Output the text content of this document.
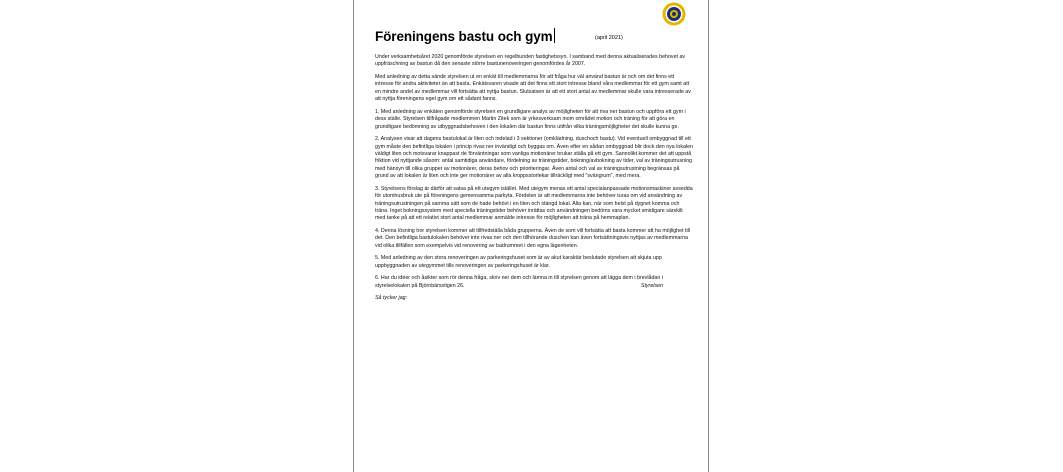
Föreningens bastu och gym	(april 2021)

Under verksamhetsåret 2020 genomförde styrelsen en regelbunden fastighetssyn. I samband med denna aktualiserades behovet av uppfräschning av bastun då den senaste större bastunenoveringen genomfördes år 2007.

Med anledning av detta sände styrelsen ut en enkät till medlemmarna för att fråga hur väl använd bastun är och om det finns ett intresse för andra aktiviteter än att basta. Enkätsvaren visade att det finns ett stort intresse bland våra medlemmar för ett gym samt att en mindre andel av medlemmar vill fortsätta att nyttja bastun. Slutsatsen är att ett stort antal av medlemmar skulle vara intresserade av att nyttja föreningens eget gym om ett sådant fanns.

1. Med anledning av enkäten genomförde styrelsen en grundligare analys av möjligheten för att riva ner bastun och uppföra ett gym i dess ställe. Styrelsen tillfrågade medlemmen Martin Zitek som är yrkesverksam inom området motion och träning för att göra en grundligare bedömning av utbyggnadsbehoven i den lokalen där bastun finns utifrån vilka träningsmöjligheter det skulle kunna ge.

2. Analysen visar att dagens bastulokal är liten och indelad i 3 sektioner (omklädning, duschoch bastu). Vid eventuell ombyggnad till ett gym måste den befintliga lokalen i princip rivas ner invändigt och byggas om. Även efter en sådan ombyggnad blir dock den nya lokalen väldigt liten och motsvarar knappast de förväntningar som vanliga motionärer brukar ställa på ett gym. Sannolikt kommer det att uppstå friktion vid nyttjande såsom: antal samtidiga användare, fördelning av träningstider, bokning/avbokning av tider, val av träningsutrusning med hänsyn till olika grupper av motionärer, deras behov och prioriteringar. Även antal och val av träningsutrustning begränsas på grund av att lokalen är liten och inte ger motionärer av alla kroppsstorlekar tillräckligt med "svängrum", med mera.

3. Styrelsens förslag är därför att satsa på ett utegym istället. Med utegym menas ett antal specialanpassade motionsmaskiner avsedda för utomhusbruk ute på föreningens gemensamma parkyta. Fördelen är att medlemmarna inte behöver turas om vid användning av träningsutrustningen på samma sätt som de hade behövt i en liten och stängd lokal. Alla kan, när som helst på dygnet komma och träna. Inget bokningssystem med speciella träningstider behöver inrättas och användningen bedöms vara mycket smidigare särskilt med tanke på att ett relativt stort antal medlemmar anmälde intresse för möjligheten att träna på hemmaplan.

4. Denna lösning tror styrelsen kommer att tillfredställa båda grupperna. Även de som vill fortsätta att basta kommer att ha möjlighet till det. Den befintliga bastulokalen behöver inte rivas ner och den tillhörande duschen kan även fortsättningsvis nyttjas av medlemmarna vid olika tillfällen som exempelvis vid renovering av badrummet i den egna lägenheten.

5. Med anledning av den stora renoveringen av parkeringshuset som är av akut karaktär beslutade styrelsen att skjuta upp uppbyggnaden av utegymmet tills renoveringen av parkeringshuset är klar.

6. Har du idéer och åsikter som rör denna fråga, skriv ner dem och lämna in till styrelsen genom att lägga dem i brevlådan i styrelselokalen på Björnbärsstigen 26.	Styrelsen

Så tycker jag:
